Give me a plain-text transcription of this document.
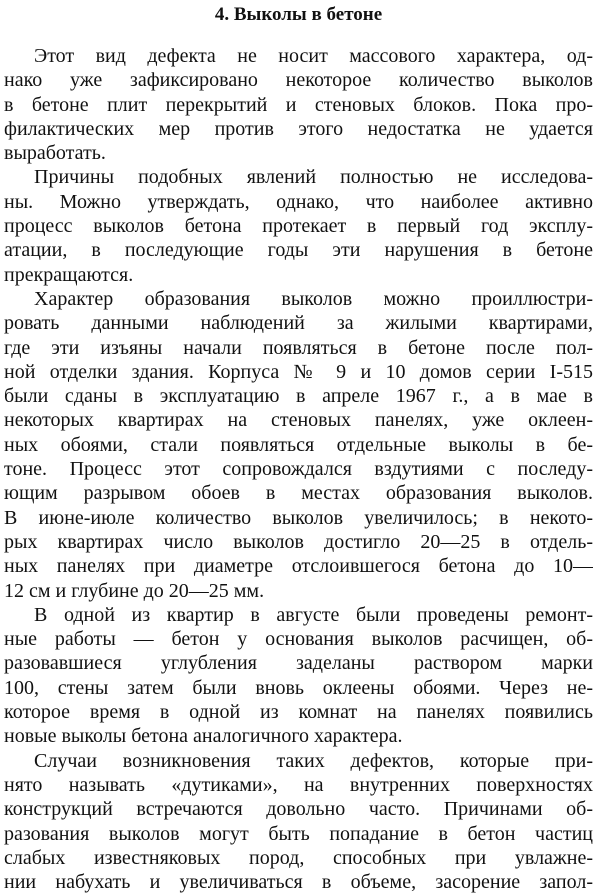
4. Выколы в бетоне
Этот вид дефекта не носит массового характера, од-
нако уже зафиксировано некоторое количество выколов
в бетоне плит перекрытий и стеновых блоков. Пока про-
филактических мер против этого недостатка не удается
выработать.
Причины подобных явлений полностью не исследова-
ны. Можно утверждать, однако, что наиболее активно
процесс выколов бетона протекает в первый год эксплу-
атации, в последующие годы эти нарушения в бетоне
прекращаются.
Характер образования выколов можно проиллюстри-
ровать данными наблюдений за жилыми квартирами,
где эти изъяны начали появляться в бетоне после пол-
ной отделки здания. Корпуса № 9 и 10 домов серии I-515
были сданы в эксплуатацию в апреле 1967 г., а в мае в
некоторых квартирах на стеновых панелях, уже оклеен-
ных обоями, стали появляться отдельные выколы в бе-
тоне. Процесс этот сопровождался вздутиями с последу-
ющим разрывом обоев в местах образования выколов.
В июне-июле количество выколов увеличилось; в некото-
рых квартирах число выколов достигло 20—25 в отдель-
ных панелях при диаметре отслоившегося бетона до 10—
12 см и глубине до 20—25 мм.
В одной из квартир в августе были проведены ремонт-
ные работы — бетон у основания выколов расчищен, об-
разовавшиеся углубления заделаны раствором марки
100, стены затем были вновь оклеены обоями. Через не-
которое время в одной из комнат на панелях появились
новые выколы бетона аналогичного характера.
Случаи возникновения таких дефектов, которые при-
нято называть «дутиками», на внутренних поверхностях
конструкций встречаются довольно часто. Причинами об-
разования выколов могут быть попадание в бетон частиц
слабых известняковых пород, способных при увлажне-
нии набухать и увеличиваться в объеме, засорение запол-
